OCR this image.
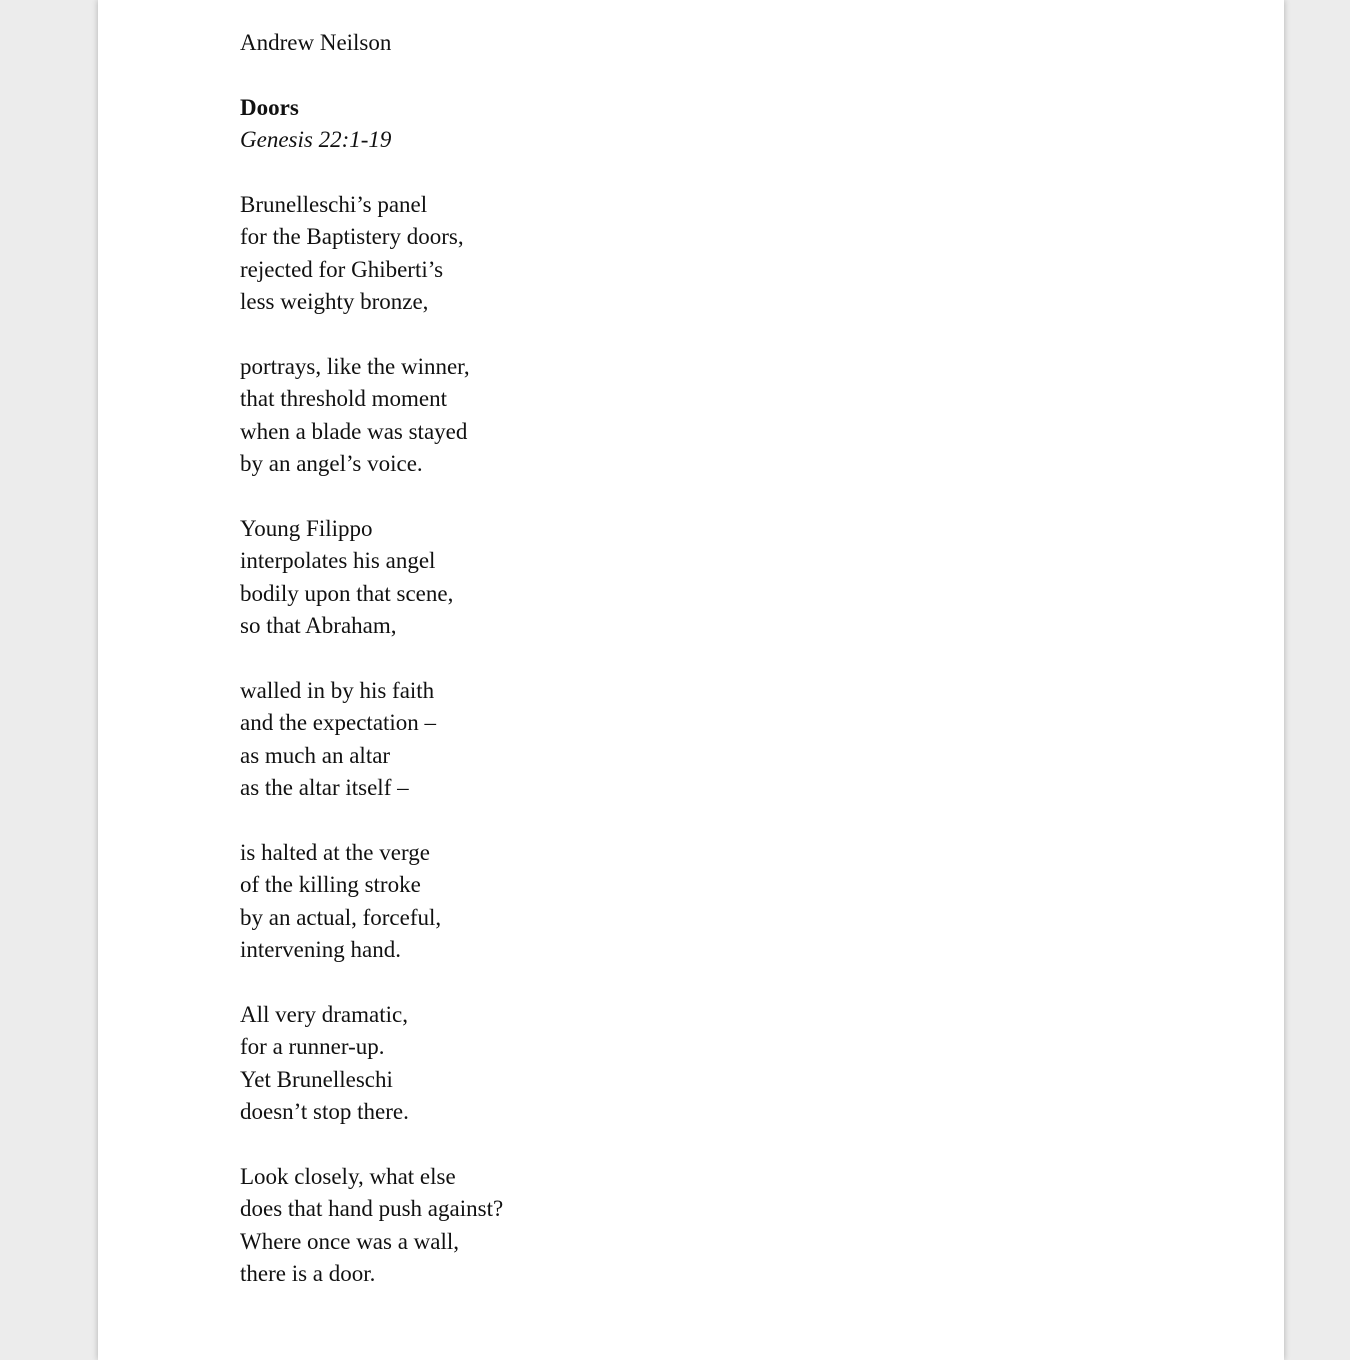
Andrew Neilson
Doors
Genesis 22:1-19
Brunelleschi’s panel
for the Baptistery doors,
rejected for Ghiberti’s
less weighty bronze,
portrays, like the winner,
that threshold moment
when a blade was stayed
by an angel’s voice.
Young Filippo
interpolates his angel
bodily upon that scene,
so that Abraham,
walled in by his faith
and the expectation –
as much an altar
as the altar itself –
is halted at the verge
of the killing stroke
by an actual, forceful,
intervening hand.
All very dramatic,
for a runner-up.
Yet Brunelleschi
doesn’t stop there.
Look closely, what else
does that hand push against?
Where once was a wall,
there is a door.
